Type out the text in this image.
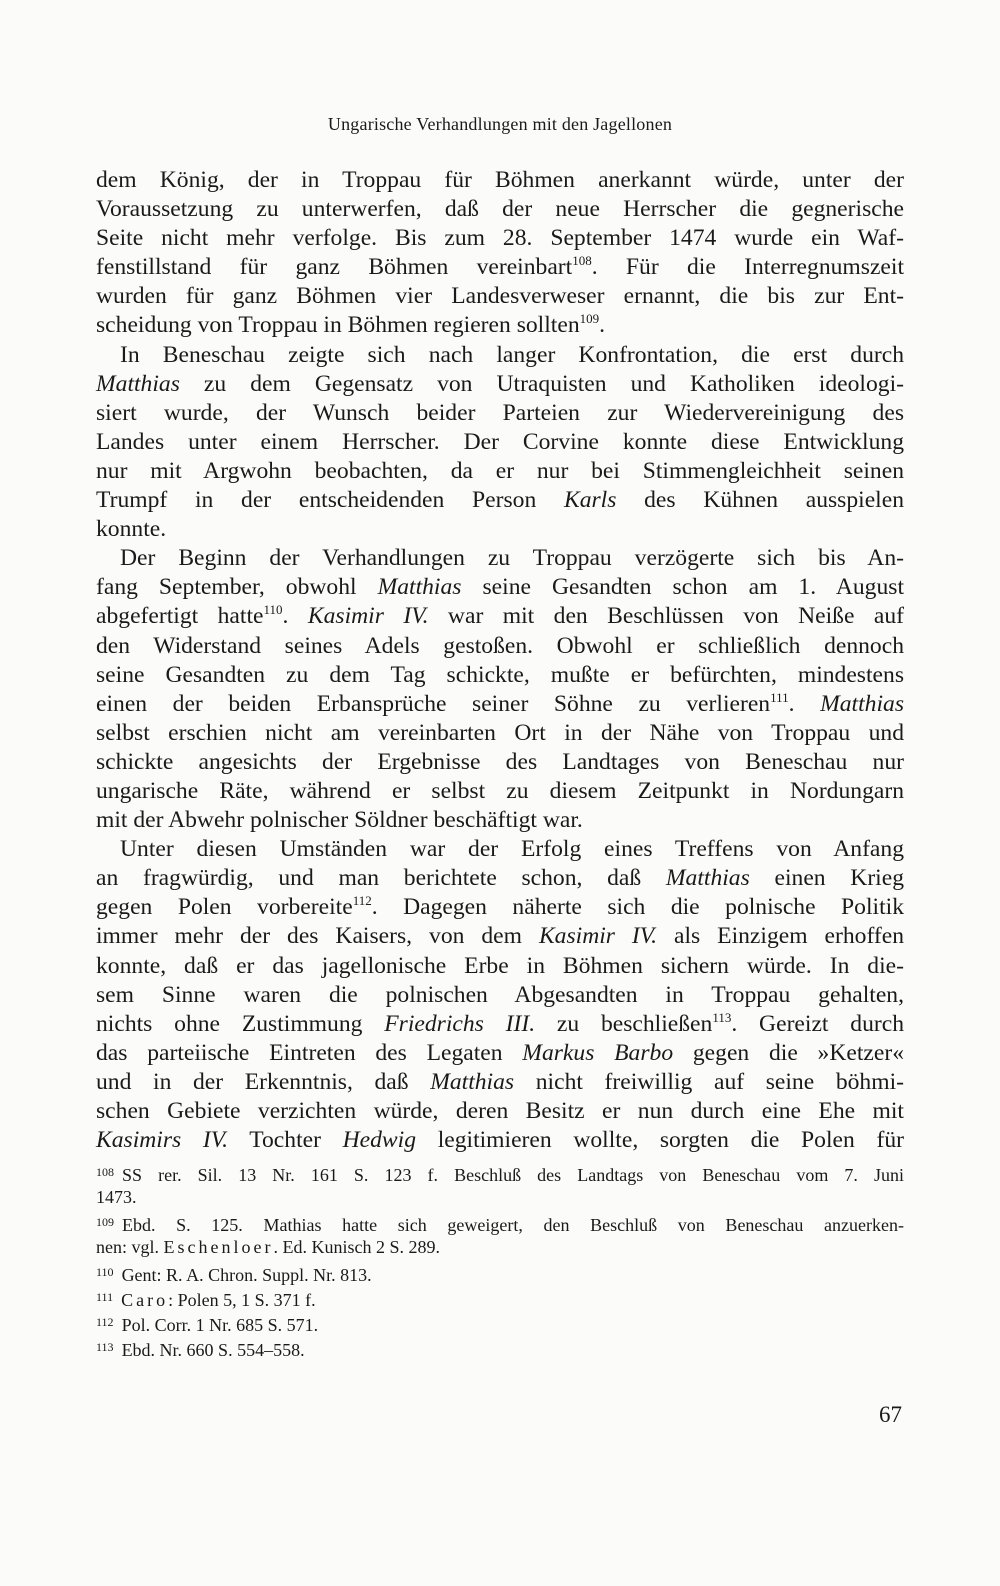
Ungarische Verhandlungen mit den Jagellonen
dem König, der in Troppau für Böhmen anerkannt würde, unter der
Voraussetzung zu unterwerfen, daß der neue Herrscher die gegnerische
Seite nicht mehr verfolge. Bis zum 28. September 1474 wurde ein Waf-
fenstillstand für ganz Böhmen vereinbart$^{108}$. Für die Interregnumszeit
wurden für ganz Böhmen vier Landesverweser ernannt, die bis zur Ent-
scheidung von Troppau in Böhmen regieren sollten$^{109}$.
In Beneschau zeigte sich nach langer Konfrontation, die erst durch
Matthias zu dem Gegensatz von Utraquisten und Katholiken ideologi-
siert wurde, der Wunsch beider Parteien zur Wiedervereinigung des
Landes unter einem Herrscher. Der Corvine konnte diese Entwicklung
nur mit Argwohn beobachten, da er nur bei Stimmengleichheit seinen
Trumpf in der entscheidenden Person Karls des Kühnen ausspielen
konnte.
Der Beginn der Verhandlungen zu Troppau verzögerte sich bis An-
fang September, obwohl Matthias seine Gesandten schon am 1. August
abgefertigt hatte$^{110}$. Kasimir IV. war mit den Beschlüssen von Neiße auf
den Widerstand seines Adels gestoßen. Obwohl er schließlich dennoch
seine Gesandten zu dem Tag schickte, mußte er befürchten, mindestens
einen der beiden Erbansprüche seiner Söhne zu verlieren$^{111}$. Matthias
selbst erschien nicht am vereinbarten Ort in der Nähe von Troppau und
schickte angesichts der Ergebnisse des Landtages von Beneschau nur
ungarische Räte, während er selbst zu diesem Zeitpunkt in Nordungarn
mit der Abwehr polnischer Söldner beschäftigt war.
Unter diesen Umständen war der Erfolg eines Treffens von Anfang
an fragwürdig, und man berichtete schon, daß Matthias einen Krieg
gegen Polen vorbereite$^{112}$. Dagegen näherte sich die polnische Politik
immer mehr der des Kaisers, von dem Kasimir IV. als Einzigem erhoffen
konnte, daß er das jagellonische Erbe in Böhmen sichern würde. In die-
sem Sinne waren die polnischen Abgesandten in Troppau gehalten,
nichts ohne Zustimmung Friedrichs III. zu beschließen$^{113}$. Gereizt durch
das parteiische Eintreten des Legaten Markus Barbo gegen die »Ketzer«
und in der Erkenntnis, daß Matthias nicht freiwillig auf seine böhmi-
schen Gebiete verzichten würde, deren Besitz er nun durch eine Ehe mit
Kasimirs IV. Tochter Hedwig legitimieren wollte, sorgten die Polen für
$^{108}$ SS rer. Sil. 13 Nr. 161 S. 123 f. Beschluß des Landtags von Beneschau vom 7. Juni
1473.
$^{109}$ Ebd. S. 125. Mathias hatte sich geweigert, den Beschluß von Beneschau anzuerken-
nen: vgl. Eschenloer. Ed. Kunisch 2 S. 289.
$^{110}$ Gent: R. A. Chron. Suppl. Nr. 813.
$^{111}$ Caro: Polen 5, 1 S. 371 f.
$^{112}$ Pol. Corr. 1 Nr. 685 S. 571.
$^{113}$ Ebd. Nr. 660 S. 554–558.
67
